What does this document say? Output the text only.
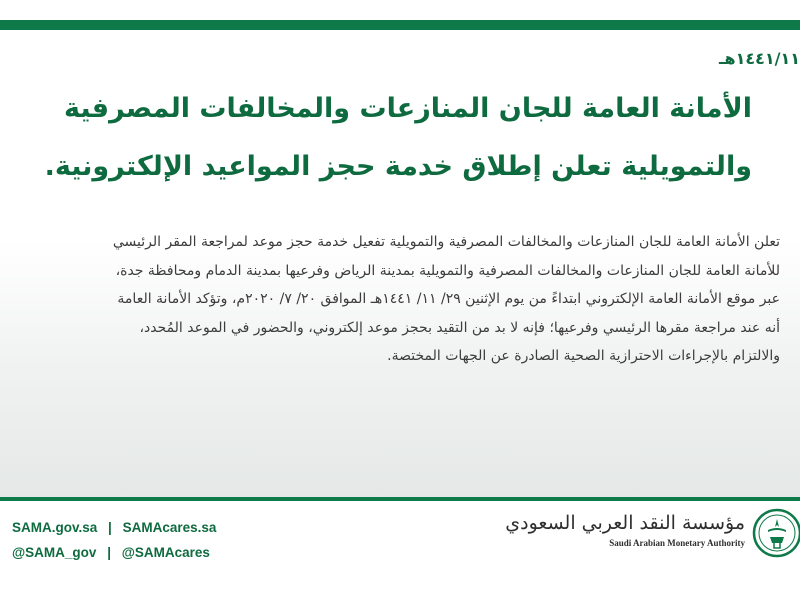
١٤٤١/١١هـ
الأمانة العامة للجان المنازعات والمخالفات المصرفية
والتمويلية تعلن إطلاق خدمة حجز المواعيد الإلكترونية.
تعلن الأمانة العامة للجان المنازعات والمخالفات المصرفية والتمويلية تفعيل خدمة حجز موعد لمراجعة المقر الرئيسي
للأمانة العامة للجان المنازعات والمخالفات المصرفية والتمويلية بمدينة الرياض وفرعيها بمدينة الدمام ومحافظة جدة،
عبر موقع الأمانة العامة الإلكتروني ابتداءً من يوم الإثنين ٢٩/ ١١/ ١٤٤١هـ الموافق ٢٠/ ٧/ ٢٠٢٠م، وتؤكد الأمانة العامة
أنه عند مراجعة مقرها الرئيسي وفرعيها؛ فإنه لا بد من التقيد بحجز موعد إلكتروني، والحضور في الموعد المُحدد،
والالتزام بالإجراءات الاحترازية الصحية الصادرة عن الجهات المختصة.
SAMA.gov.sa | SAMAcares.sa
@SAMA_gov | @SAMAcares
مؤسسة النقد العربي السعودي
Saudi Arabian Monetary Authority
